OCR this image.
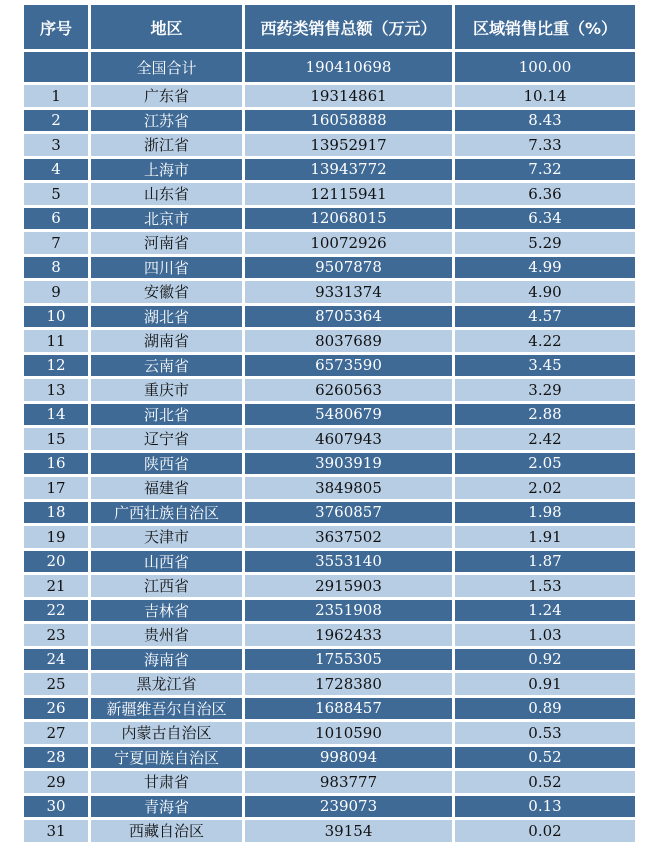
序号	地区	西药类销售总额（万元）	区域销售比重（%）
	全国合计	190410698	100.00
1	广东省	19314861	10.14
2	江苏省	16058888	8.43
3	浙江省	13952917	7.33
4	上海市	13943772	7.32
5	山东省	12115941	6.36
6	北京市	12068015	6.34
7	河南省	10072926	5.29
8	四川省	9507878	4.99
9	安徽省	9331374	4.90
10	湖北省	8705364	4.57
11	湖南省	8037689	4.22
12	云南省	6573590	3.45
13	重庆市	6260563	3.29
14	河北省	5480679	2.88
15	辽宁省	4607943	2.42
16	陕西省	3903919	2.05
17	福建省	3849805	2.02
18	广西壮族自治区	3760857	1.98
19	天津市	3637502	1.91
20	山西省	3553140	1.87
21	江西省	2915903	1.53
22	吉林省	2351908	1.24
23	贵州省	1962433	1.03
24	海南省	1755305	0.92
25	黑龙江省	1728380	0.91
26	新疆维吾尔自治区	1688457	0.89
27	内蒙古自治区	1010590	0.53
28	宁夏回族自治区	998094	0.52
29	甘肃省	983777	0.52
30	青海省	239073	0.13
31	西藏自治区	39154	0.02
